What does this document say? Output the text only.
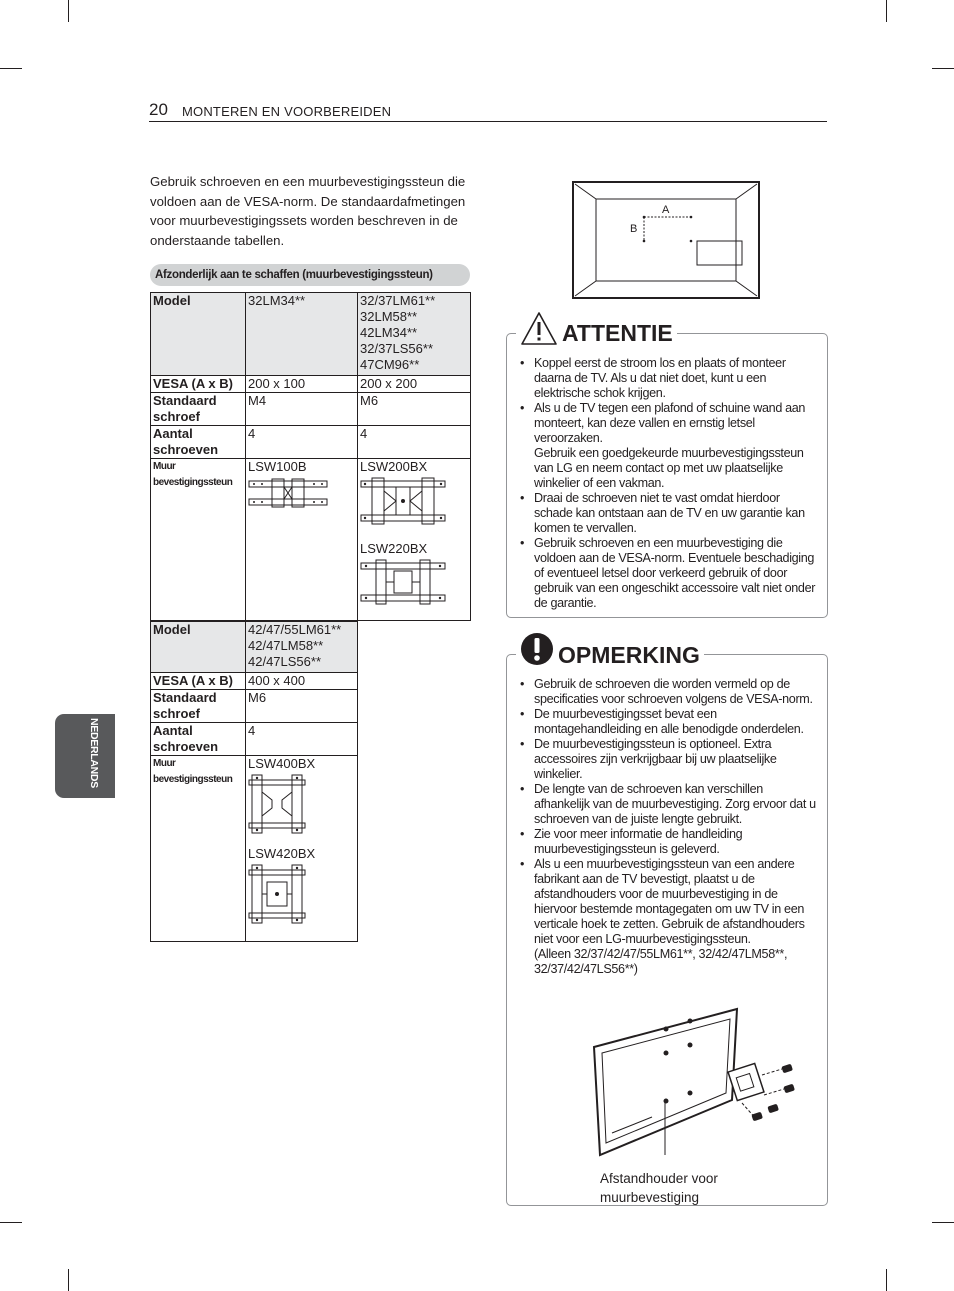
20 MONTEREN EN VOORBEREIDEN
NEDERLANDS
Gebruik schroeven en een muurbevestigingssteun die voldoen aan de VESA-norm. De standaardafmetingen voor muurbevestigingssets worden beschreven in de onderstaande tabellen.
Afzonderlijk aan te schaffen (muurbevestigingssteun)
Model	32LM34**	32/37LM61**
32LM58**
42LM34**
32/37LS56**
47CM96**

VESA (A x B)	200 x 100	200 x 200
Standaard schroef	M4	M6
Aantal schroeven	4	4
Muur bevestigingssteun	LSW100B	LSW200BX
LSW220BX
Model	42/47/55LM61**
42/47LM58**
42/47LS56**	

VESA (A x B)	400 x 400	
Standaard schroef	M6	
Aantal schroeven	4	
Muur bevestigingssteun	LSW400BX
LSW420BX	
A
B
• Koppel eerst de stroom los en plaats of monteer daarna de TV. Als u dat niet doet, kunt u een elektrische schok krijgen.
• Als u de TV tegen een plafond of schuine wand aan monteert, kan deze vallen en ernstig letsel veroorzaken.
Gebruik een goedgekeurde muurbevestigingssteun van LG en neem contact op met uw plaatselijke winkelier of een vakman.
• Draai de schroeven niet te vast omdat hierdoor schade kan ontstaan aan de TV en uw garantie kan komen te vervallen.
• Gebruik schroeven en een muurbevestiging die voldoen aan de VESA-norm. Eventuele beschadiging of eventueel letsel door verkeerd gebruik of door gebruik van een ongeschikt accessoire valt niet onder de garantie.
ATTENTIE
• Gebruik de schroeven die worden vermeld op de specificaties voor schroeven volgens de VESA-norm.
• De muurbevestigingsset bevat een montagehandleiding en alle benodigde onderdelen.
• De muurbevestigingssteun is optioneel. Extra accessoires zijn verkrijgbaar bij uw plaatselijke winkelier.
• De lengte van de schroeven kan verschillen afhankelijk van de muurbevestiging. Zorg ervoor dat u schroeven van de juiste lengte gebruikt.
• Zie voor meer informatie de handleiding muurbevestigingssteun is geleverd.
• Als u een muurbevestigingssteun van een andere fabrikant aan de TV bevestigt, plaatst u de afstandhouders voor de muurbevestiging in de hiervoor bestemde montagegaten om uw TV in een verticale hoek te zetten. Gebruik de afstandhouders niet voor een LG-muurbevestigingssteun.
(Alleen 32/37/42/47/55LM61**, 32/42/47LM58**, 32/37/42/47LS56**)
Afstandhouder voor muurbevestiging
OPMERKING
